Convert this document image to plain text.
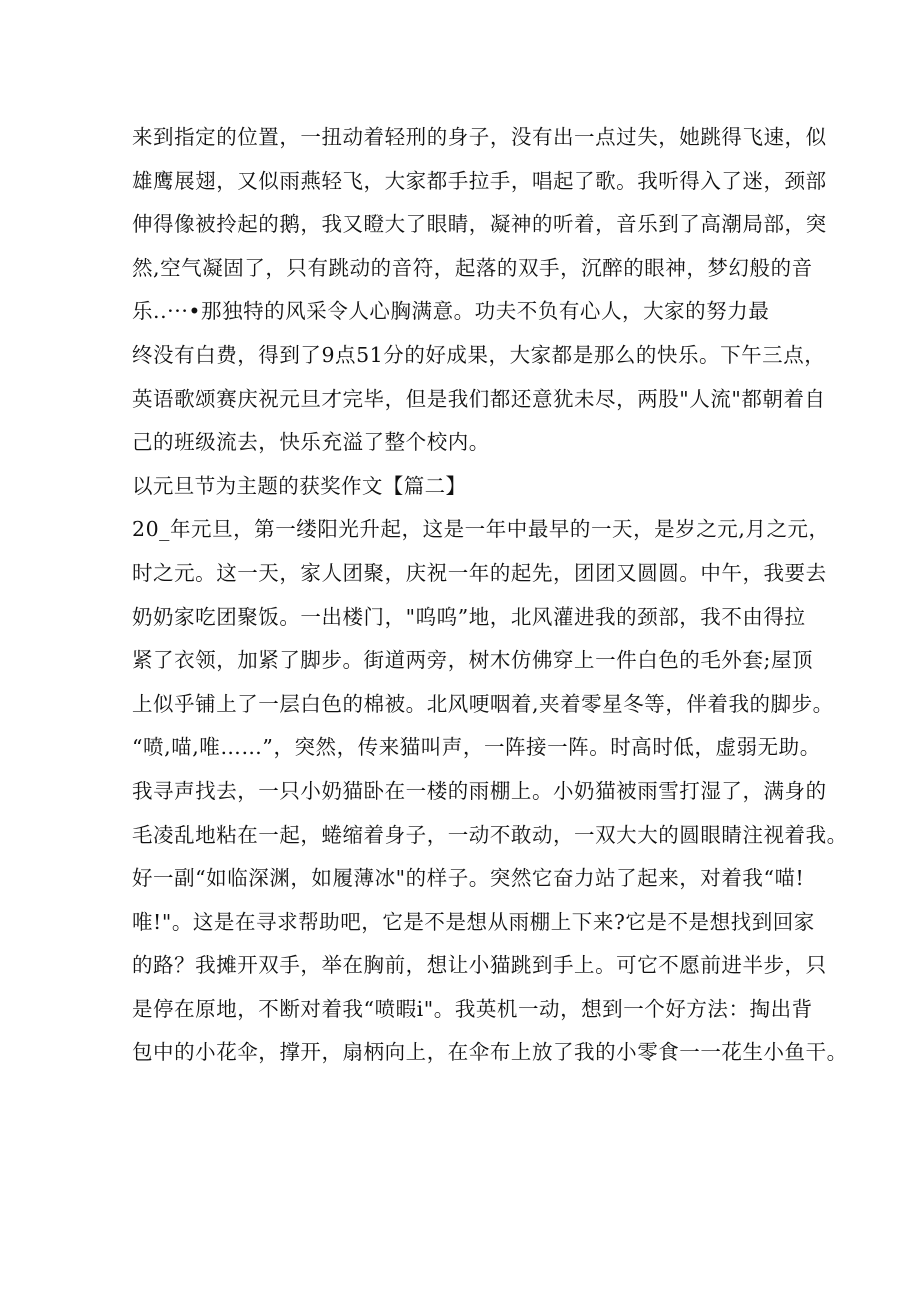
来到指定的位置，一扭动着轻刑的身子，没有出一点过失，她跳得飞速，似
雄鹰展翅，又似雨燕轻飞，大家都手拉手，唱起了歌。我听得入了迷，颈部
伸得像被拎起的鹅，我又瞪大了眼睛，凝神的听着，音乐到了高潮局部，突
然,空气凝固了，只有跳动的音符，起落的双手，沉醉的眼神，梦幻般的音
乐..···•那独特的风采令人心胸满意。功夫不负有心人，大家的努力最
终没有白费，得到了9点51分的好成果，大家都是那么的快乐。下午三点，
英语歌颂赛庆祝元旦才完毕，但是我们都还意犹未尽，两股"人流"都朝着自
己的班级流去，快乐充溢了整个校内。
以元旦节为主题的获奖作文【篇二】
20_年元旦，第一缕阳光升起，这是一年中最早的一天，是岁之元,月之元，
时之元。这一天，家人团聚，庆祝一年的起先，团团又圆圆。中午，我要去
奶奶家吃团聚饭。一出楼门，"呜呜”地，北风灌进我的颈部，我不由得拉
紧了衣领，加紧了脚步。街道两旁，树木仿佛穿上一件白色的毛外套;屋顶
上似乎铺上了一层白色的棉被。北风哽咽着,夹着零星冬等，伴着我的脚步。
“喷,喵,唯……”，突然，传来猫叫声，一阵接一阵。时高时低，虚弱无助。
我寻声找去，一只小奶猫卧在一楼的雨棚上。小奶猫被雨雪打湿了，满身的
毛凌乱地粘在一起，蜷缩着身子，一动不敢动，一双大大的圆眼睛注视着我。
好一副“如临深渊，如履薄冰"的样子。突然它奋力站了起来，对着我“喵!
唯!"。这是在寻求帮助吧，它是不是想从雨棚上下来?它是不是想找到回家
的路？我摊开双手，举在胸前，想让小猫跳到手上。可它不愿前进半步，只
是停在原地，不断对着我“喷暇i"。我英机一动，想到一个好方法：掏出背
包中的小花伞，撑开，扇柄向上，在伞布上放了我的小零食一一花生小鱼干。
